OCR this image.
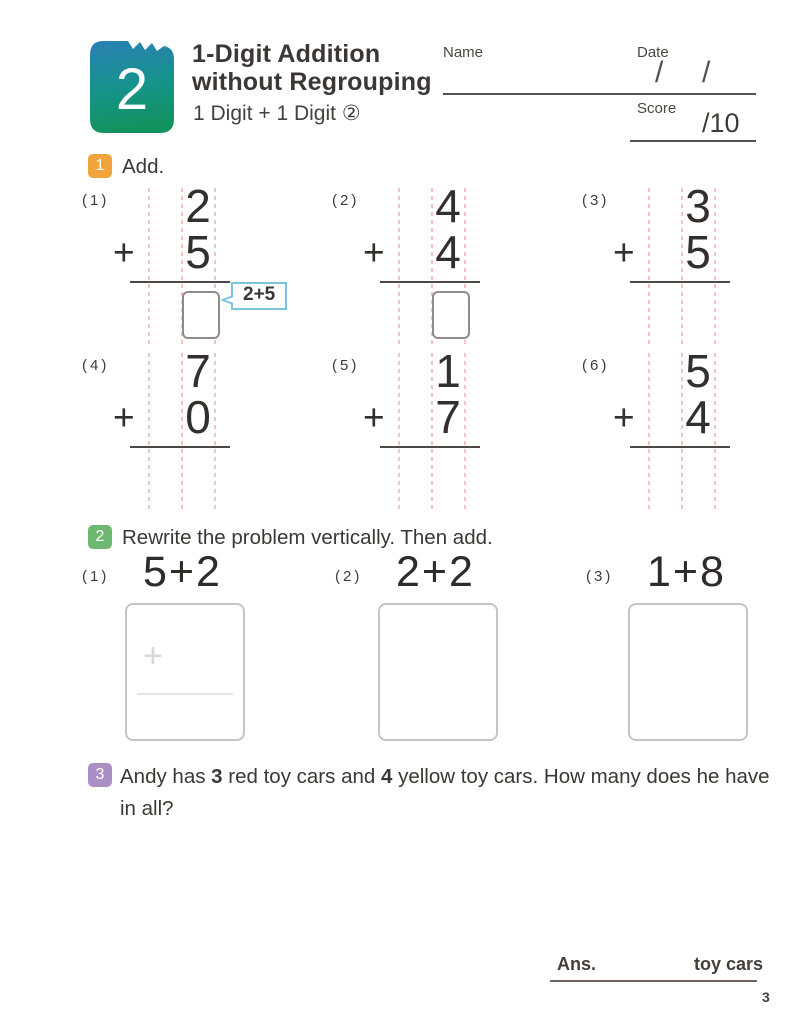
2
1-Digit Addition
without Regrouping
1 Digit + 1 Digit ②
Name	Date
/ /
Score /10
1 Add.
(1) 2
+ 5
2+5
(2) 4
+ 4
(3) 3
+ 5
(4) 7
+ 0
(5) 1
+ 7
(6) 5
+ 4
2 Rewrite the problem vertically. Then add.
(1) 5+2	(2) 2+2	(3) 1+8
+
3 Andy has 3 red toy cars and 4 yellow toy cars. How many does he have in all?
Ans.	toy cars
3
